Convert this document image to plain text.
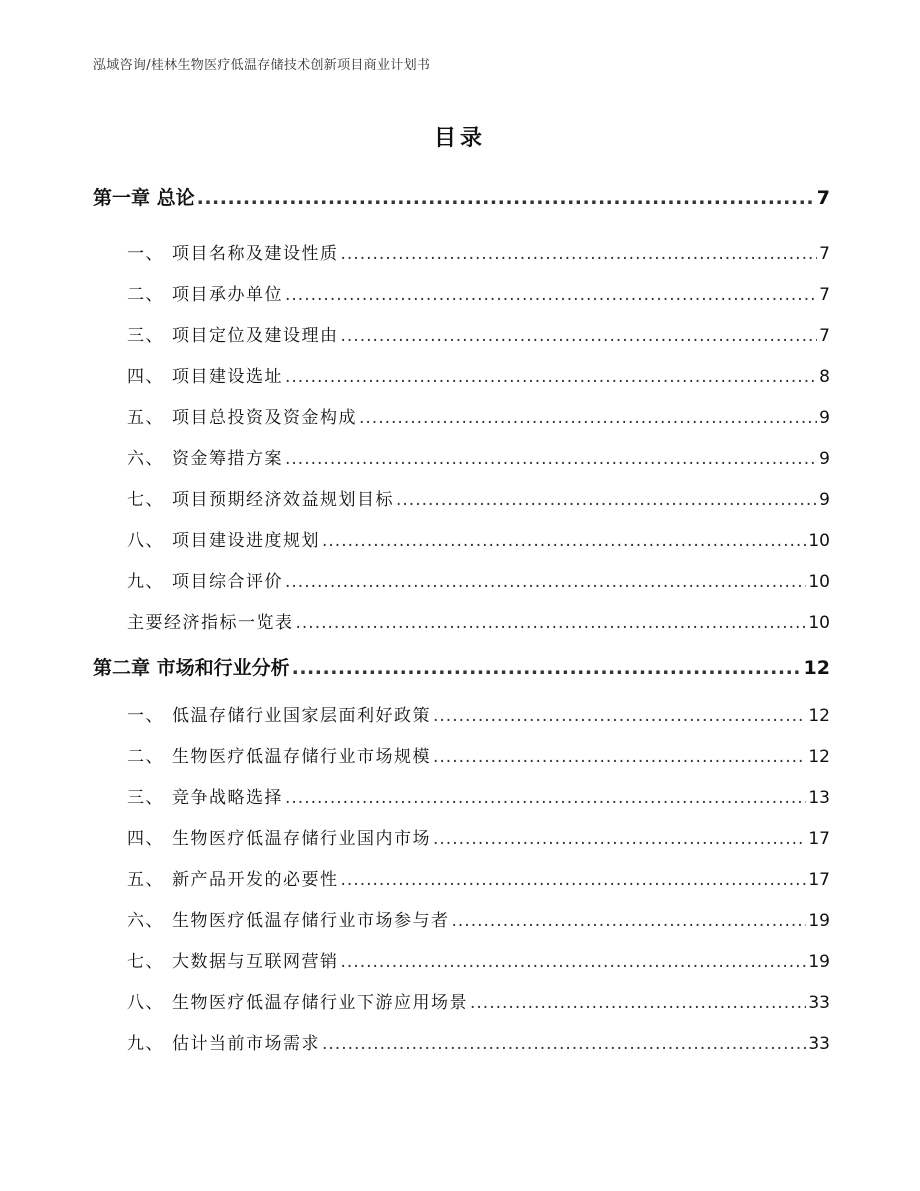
泓域咨询/桂林生物医疗低温存储技术创新项目商业计划书
目录
第一章 总论 .....	7
一、 项目名称及建设性质 .....	7
二、 项目承办单位 .....	7
三、 项目定位及建设理由 .....	7
四、 项目建设选址 .....	8
五、 项目总投资及资金构成 .....	9
六、 资金筹措方案 .....	9
七、 项目预期经济效益规划目标 .....	9
八、 项目建设进度规划 .....	10
九、 项目综合评价 .....	10
主要经济指标一览表 .....	10
第二章 市场和行业分析 .....	12
一、 低温存储行业国家层面利好政策 .....	12
二、 生物医疗低温存储行业市场规模 .....	12
三、 竞争战略选择 .....	13
四、 生物医疗低温存储行业国内市场 .....	17
五、 新产品开发的必要性 .....	17
六、 生物医疗低温存储行业市场参与者 .....	19
七、 大数据与互联网营销 .....	19
八、 生物医疗低温存储行业下游应用场景 .....	33
九、 估计当前市场需求 .....	33
